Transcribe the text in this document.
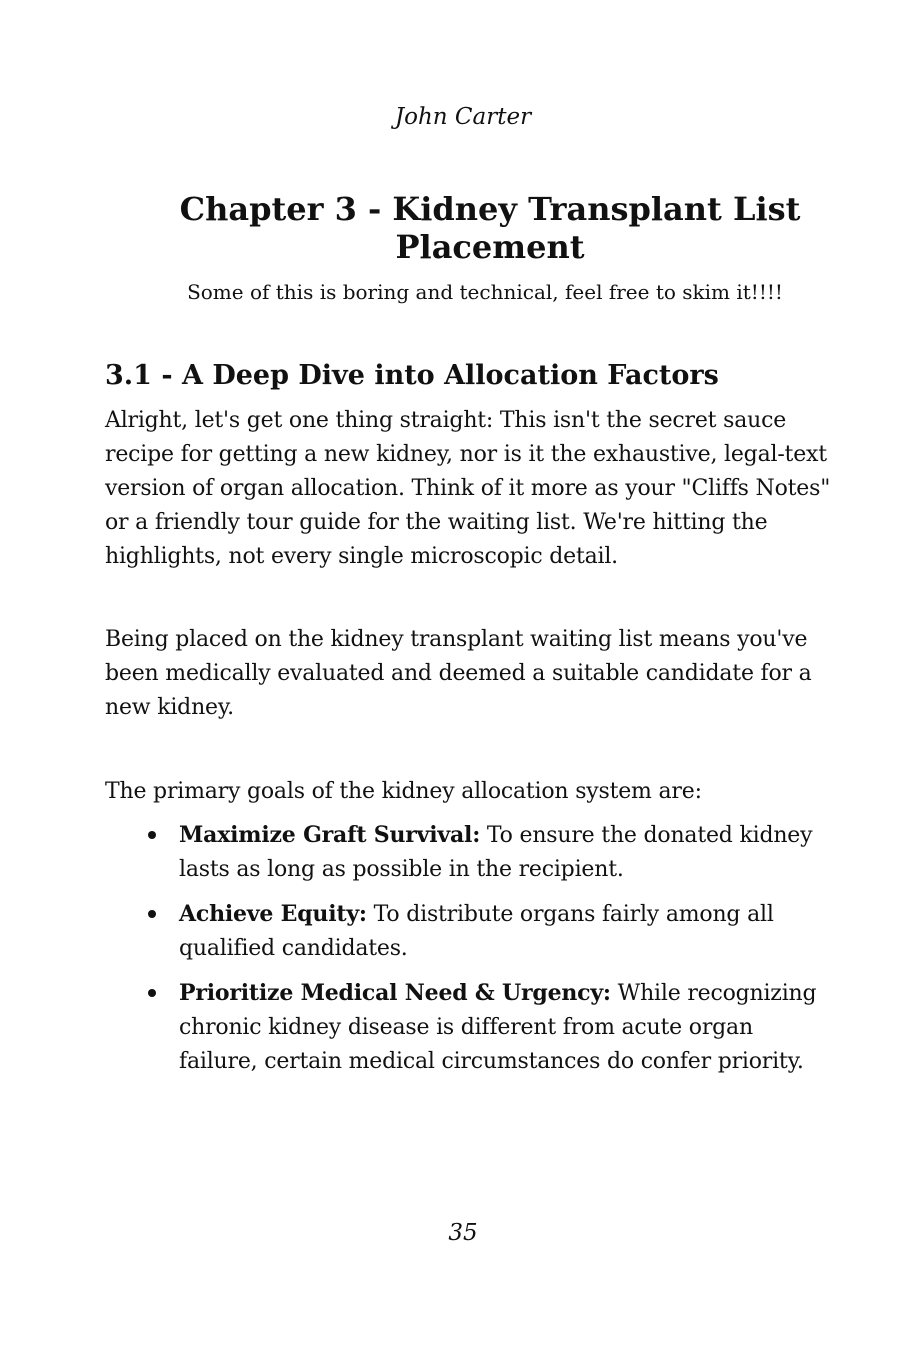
John Carter
Chapter 3 - Kidney Transplant List Placement
Some of this is boring and technical, feel free to skim it!!!!
3.1 - A Deep Dive into Allocation Factors

Alright, let's get one thing straight: This isn't the secret sauce recipe for getting a new kidney, nor is it the exhaustive, legal-text version of organ allocation. Think of it more as your "Cliffs Notes" or a friendly tour guide for the waiting list. We're hitting the highlights, not every single microscopic detail.

Being placed on the kidney transplant waiting list means you've been medically evaluated and deemed a suitable candidate for a new kidney.

The primary goals of the kidney allocation system are:

Maximize Graft Survival: To ensure the donated kidney lasts as long as possible in the recipient.
Achieve Equity: To distribute organs fairly among all qualified candidates.
Prioritize Medical Need & Urgency: While recognizing chronic kidney disease is different from acute organ failure, certain medical circumstances do confer priority.
35
